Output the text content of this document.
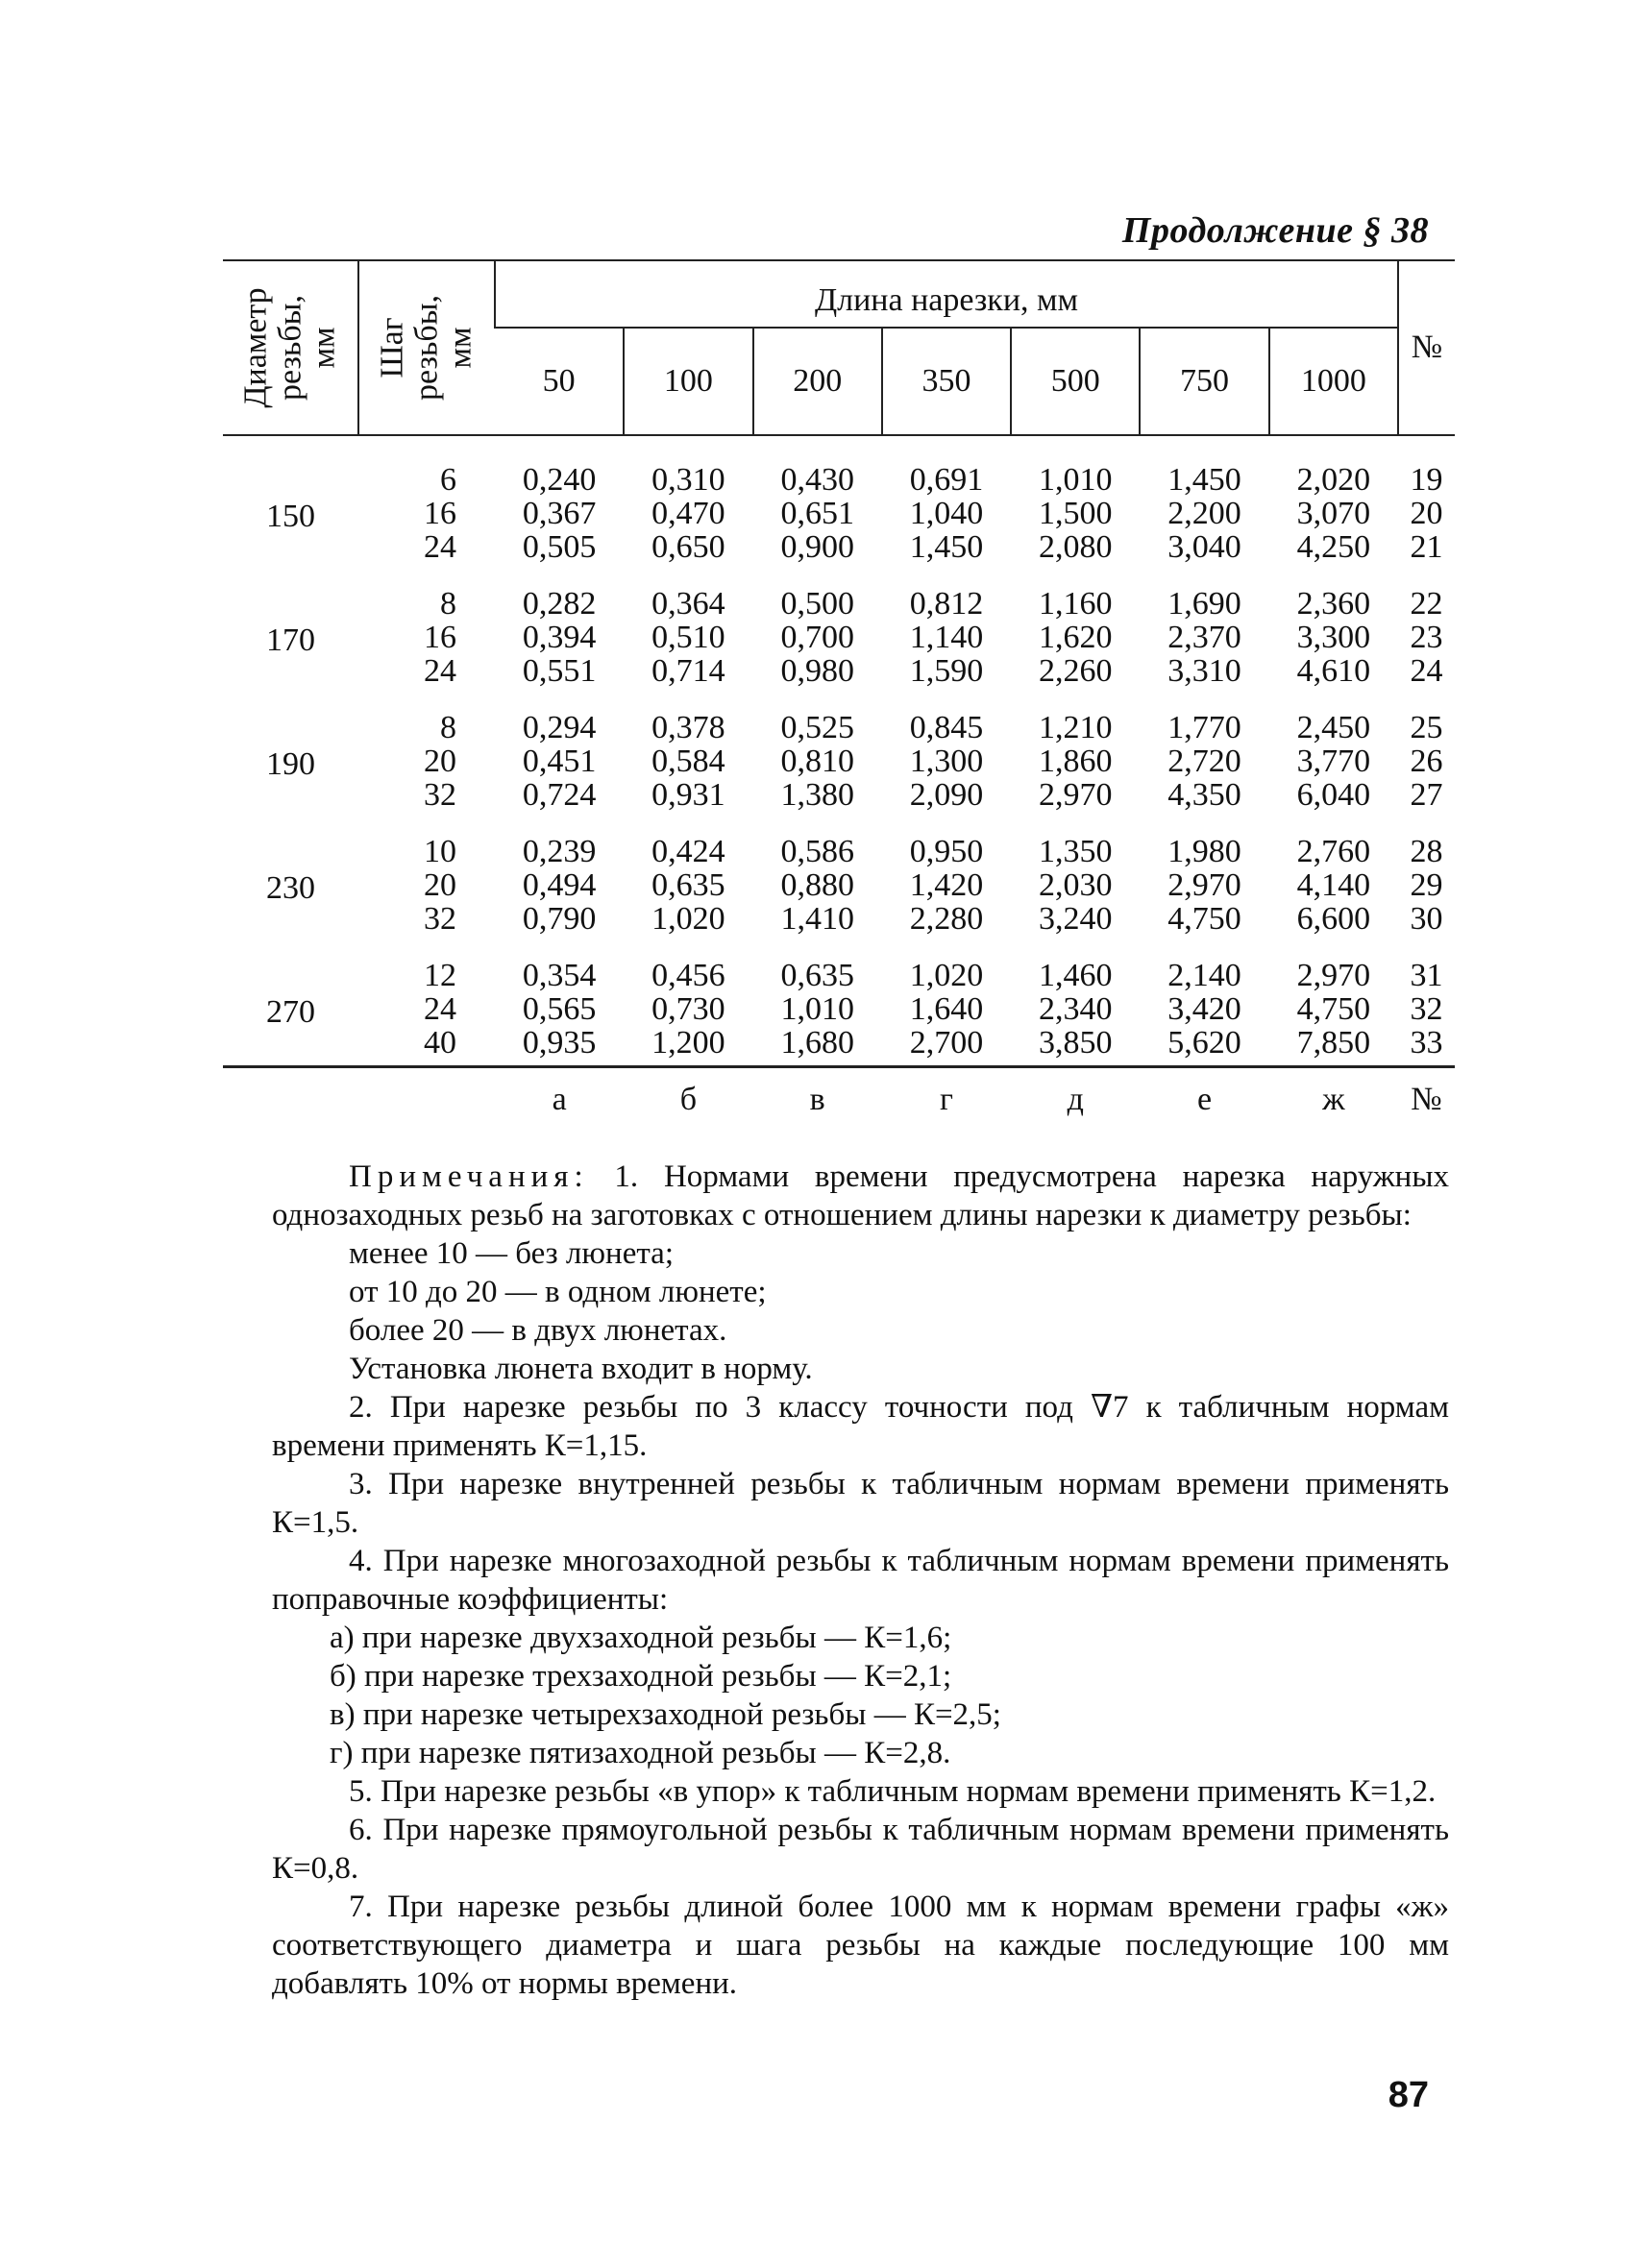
Продолжение § 38

Диаметр
резьбы,
мм	Шаг
резьбы,
мм	Длина нарезки, мм							№
		50	100	200	350	500	750	1000	

150	6	0,240	0,310	0,430	0,691	1,010	1,450	2,020	19
	16	0,367	0,470	0,651	1,040	1,500	2,200	3,070	20
	24	0,505	0,650	0,900	1,450	2,080	3,040	4,250	21
170	8	0,282	0,364	0,500	0,812	1,160	1,690	2,360	22
	16	0,394	0,510	0,700	1,140	1,620	2,370	3,300	23
	24	0,551	0,714	0,980	1,590	2,260	3,310	4,610	24
190	8	0,294	0,378	0,525	0,845	1,210	1,770	2,450	25
	20	0,451	0,584	0,810	1,300	1,860	2,720	3,770	26
	32	0,724	0,931	1,380	2,090	2,970	4,350	6,040	27
230	10	0,239	0,424	0,586	0,950	1,350	1,980	2,760	28
	20	0,494	0,635	0,880	1,420	2,030	2,970	4,140	29
	32	0,790	1,020	1,410	2,280	3,240	4,750	6,600	30
270	12	0,354	0,456	0,635	1,020	1,460	2,140	2,970	31
	24	0,565	0,730	1,010	1,640	2,340	3,420	4,750	32
	40	0,935	1,200	1,680	2,700	3,850	5,620	7,850	33

		а	б	в	г	д	е	ж	№

Примечания: 1. Нормами времени предусмотрена нарезка наружных однозаходных резьб на заготовках с отношением длины нарезки к диаметру резьбы:

менее 10 — без люнета;

от 10 до 20 — в одном люнете;

более 20 — в двух люнетах.

Установка люнета входит в норму.

2. При нарезке резьбы по 3 классу точности под ∇7 к табличным нормам времени применять К=1,15.

3. При нарезке внутренней резьбы к табличным нормам времени применять К=1,5.

4. При нарезке многозаходной резьбы к табличным нормам времени применять поправочные коэффициенты:

а) при нарезке двухзаходной резьбы — К=1,6;

б) при нарезке трехзаходной резьбы — К=2,1;

в) при нарезке четырехзаходной резьбы — К=2,5;

г) при нарезке пятизаходной резьбы — К=2,8.

5. При нарезке резьбы «в упор» к табличным нормам времени применять К=1,2.

6. При нарезке прямоугольной резьбы к табличным нормам времени применять К=0,8.

7. При нарезке резьбы длиной более 1000 мм к нормам времени графы «ж» соответствующего диаметра и шага резьбы на каждые последующие 100 мм добавлять 10% от нормы времени.

87
